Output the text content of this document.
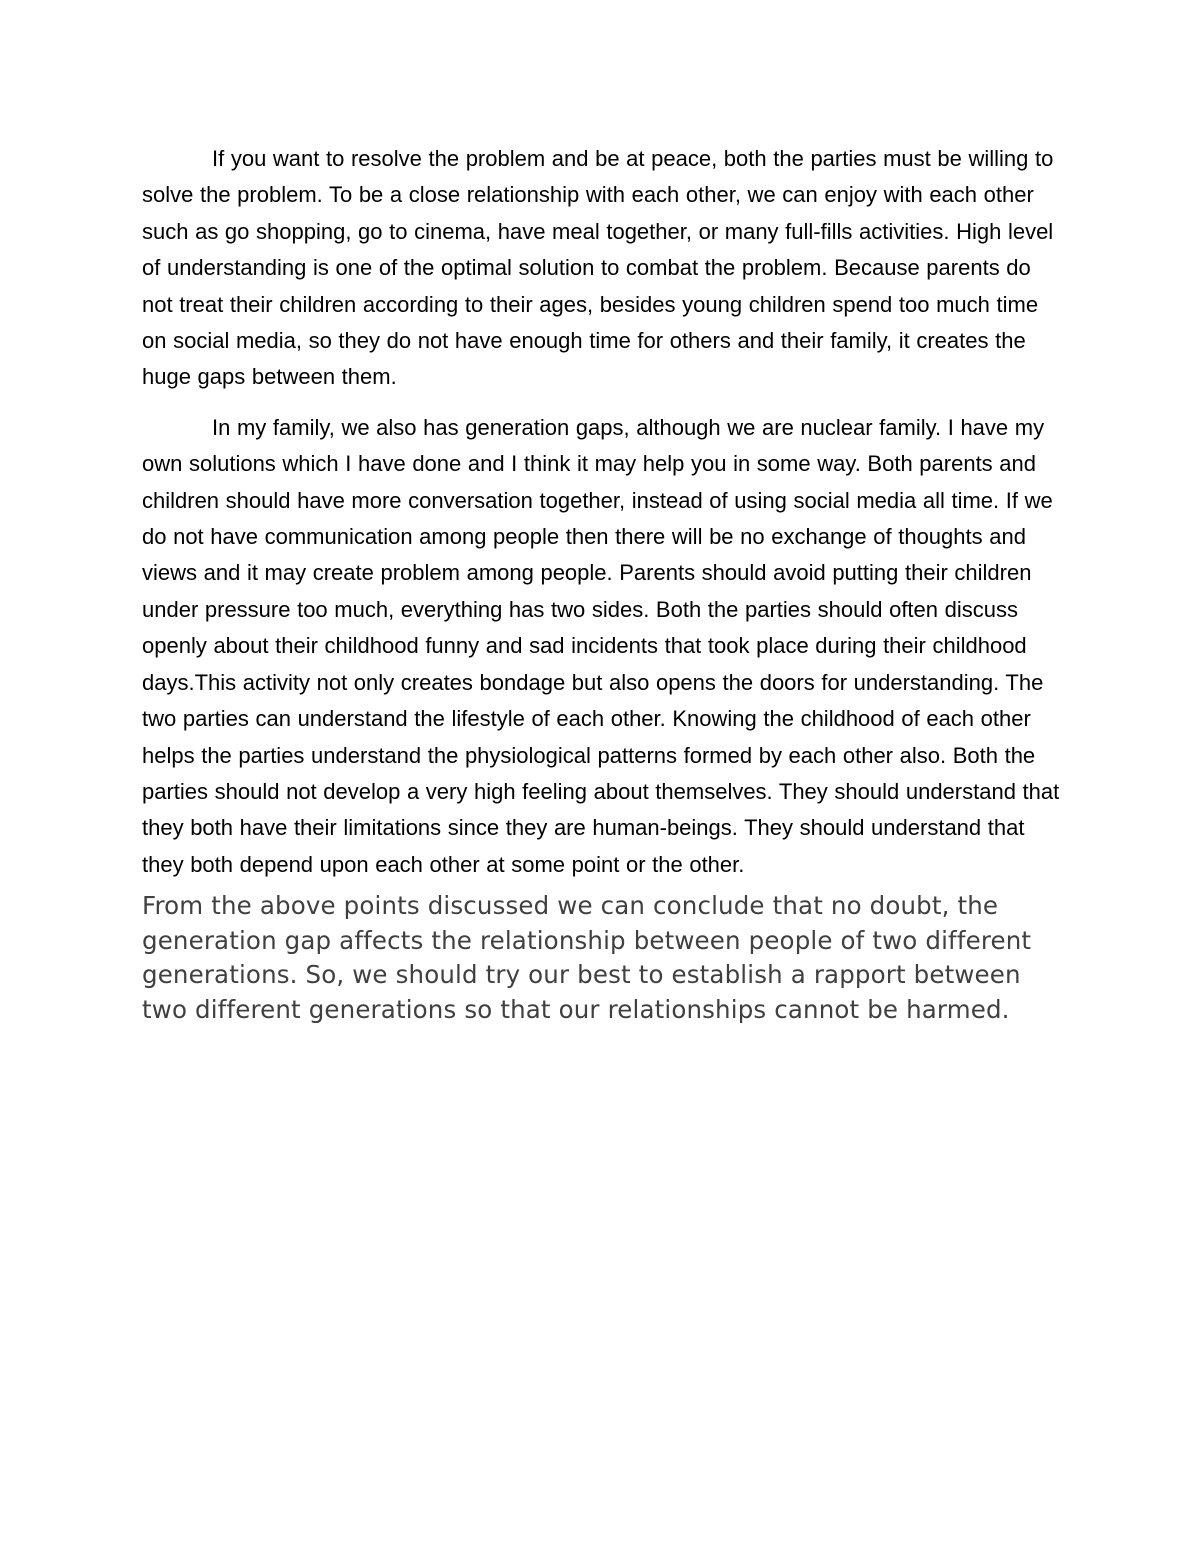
If you want to resolve the problem and be at peace, both the parties must be willing to solve the problem. To be a close relationship with each other, we can enjoy with each other such as go shopping, go to cinema, have meal together, or many full-fills activities. High level of understanding is one of the optimal solution to combat the problem. Because parents do not treat their children according to their ages, besides young children spend too much time on social media, so they do not have enough time for others and their family, it creates the huge gaps between them.

In my family, we also has generation gaps, although we are nuclear family. I have my own solutions which I have done and I think it may help you in some way. Both parents and children should have more conversation together, instead of using social media all time. If we do not have communication among people then there will be no exchange of thoughts and views and it may create problem among people. Parents should avoid putting their children under pressure too much, everything has two sides. Both the parties should often discuss openly about their childhood funny and sad incidents that took place during their childhood days.This activity not only creates bondage but also opens the doors for understanding. The two parties can understand the lifestyle of each other. Knowing the childhood of each other helps the parties understand the physiological patterns formed by each other also. Both the parties should not develop a very high feeling about themselves. They should understand that they both have their limitations since they are human-beings. They should understand that they both depend upon each other at some point or the other.

From the above points discussed we can conclude that no doubt, the generation gap affects the relationship between people of two different generations. So, we should try our best to establish a rapport between two different generations so that our relationships cannot be harmed.
